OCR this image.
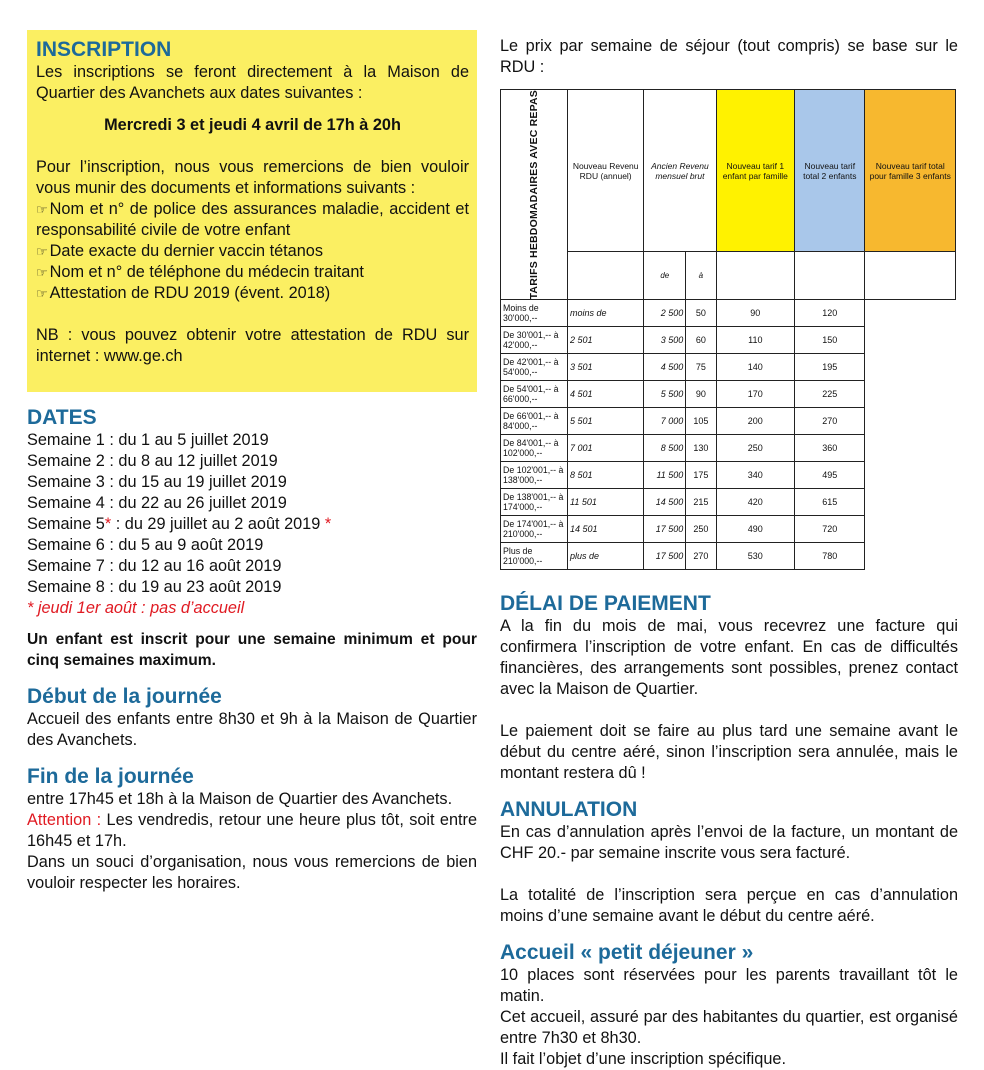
INSCRIPTION

Les inscriptions se feront directement à la Maison de Quartier des Avanchets aux dates suivantes :

Mercredi 3 et jeudi 4 avril de 17h à 20h

Pour l’inscription, nous vous remercions de bien vouloir vous munir des documents et informations suivants :

☞ Nom et n° de police des assurances maladie, accident et responsabilité civile de votre enfant

☞ Date exacte du dernier vaccin tétanos

☞ Nom et n° de téléphone du médecin traitant

☞ Attestation de RDU 2019 (évent. 2018)

NB : vous pouvez obtenir votre attestation de RDU sur internet : www.ge.ch

DATES

Semaine 1 : du 1 au 5 juillet 2019

Semaine 2 : du 8 au 12 juillet 2019

Semaine 3 : du 15 au 19 juillet 2019

Semaine 4 : du 22 au 26 juillet 2019

Semaine 5* : du 29 juillet au 2 août 2019 *

Semaine 6 : du 5 au 9 août 2019

Semaine 7 : du 12 au 16 août 2019

Semaine 8 : du 19 au 23 août 2019

* jeudi 1er août : pas d’accueil

Un enfant est inscrit pour une semaine minimum et pour cinq semaines maximum.

Début de la journée

Accueil des enfants entre 8h30 et 9h à la Maison de Quartier des Avanchets.

Fin de la journée

entre 17h45 et 18h à la Maison de Quartier des Avanchets.

Attention : Les vendredis, retour une heure plus tôt, soit entre 16h45 et 17h.

Dans un souci d’organisation, nous vous remercions de bien vouloir respecter les horaires.

Le prix par semaine de séjour (tout compris) se base sur le RDU :

TARIFS HEBDOMADAIRES AVEC REPAS	Nouveau Revenu RDU (annuel)	Ancien Revenu mensuel brut		Nouveau tarif 1 enfant par famille	Nouveau tarif total 2 enfants	Nouveau tarif total pour famille 3 enfants
		de	à			
Moins de 30'000,--	moins de	2 500	50	90	120	
De 30'001,-- à 42'000,--	2 501	3 500	60	110	150	
De 42'001,-- à 54'000,--	3 501	4 500	75	140	195	
De 54'001,-- à 66'000,--	4 501	5 500	90	170	225	
De 66'001,-- à 84'000,--	5 501	7 000	105	200	270	
De 84'001,-- à 102'000,--	7 001	8 500	130	250	360	
De 102'001,-- à 138'000,--	8 501	11 500	175	340	495	
De 138'001,-- à 174'000,--	11 501	14 500	215	420	615	
De 174'001,-- à 210'000,--	14 501	17 500	250	490	720	
Plus de 210'000,--	plus de	17 500	270	530	780	
DÉLAI DE PAIEMENT

A la fin du mois de mai, vous recevrez une facture qui confirmera l’inscription de votre enfant. En cas de difficultés financières, des arrangements sont possibles, prenez contact avec la Maison de Quartier.

Le paiement doit se faire au plus tard une semaine avant le début du centre aéré, sinon l’inscription sera annulée, mais le montant restera dû !

ANNULATION

En cas d’annulation après l’envoi de la facture, un montant de CHF 20.- par semaine inscrite vous sera facturé.

La totalité de l’inscription sera perçue en cas d’annulation moins d’une semaine avant le début du centre aéré.

Accueil « petit déjeuner »

10 places sont réservées pour les parents travaillant tôt le matin.

Cet accueil, assuré par des habitantes du quartier, est organisé entre 7h30 et 8h30.

Il fait l’objet d’une inscription spécifique.
